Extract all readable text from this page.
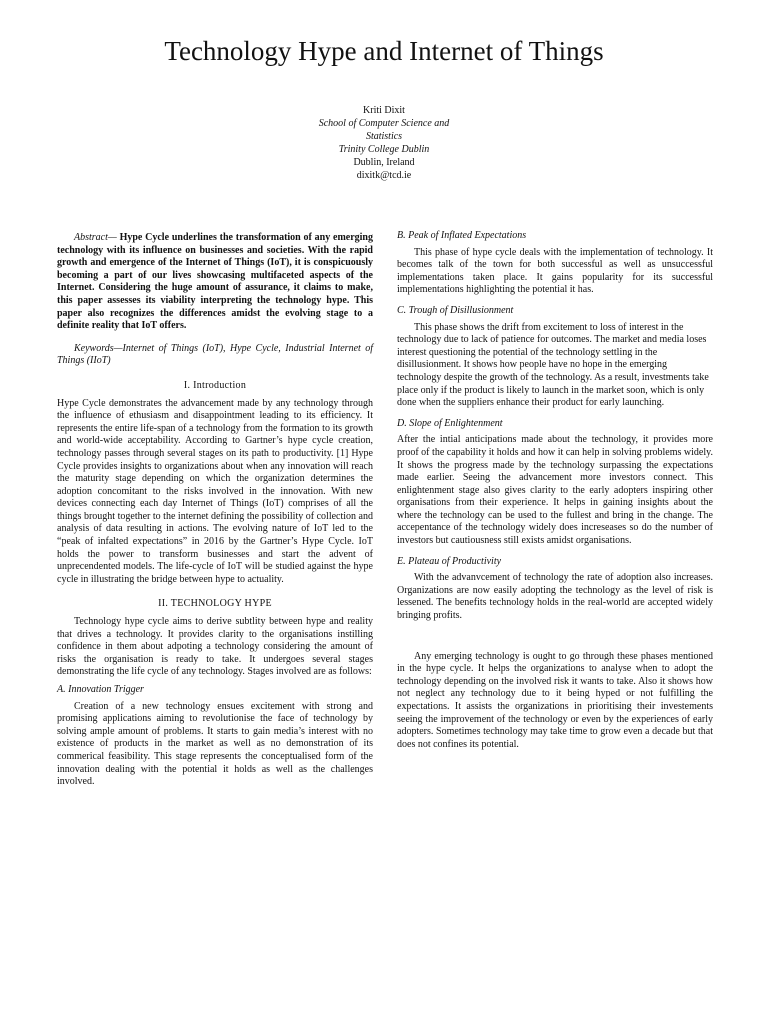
Technology Hype and Internet of Things
Kriti Dixit
School of Computer Science and
Statistics
Trinity College Dublin
Dublin, Ireland
dixitk@tcd.ie

Abstract— Hype Cycle underlines the transformation of any emerging technology with its influence on businesses and societies. With the rapid growth and emergence of the Internet of Things (IoT), it is conspicuously becoming a part of our lives showcasing multifaceted aspects of the Internet. Considering the huge amount of assurance, it claims to make, this paper assesses its viability interpreting the technology hype. This paper also recognizes the differences amidst the evolving stage to a definite reality that IoT offers.

Keywords—Internet of Things (IoT), Hype Cycle, Industrial Internet of Things (IIoT)

I. Introduction

Hype Cycle demonstrates the advancement made by any technology through the influence of ethusiasm and disappointment leading to its efficiency. It represents the entire life-span of a technology from the formation to its growth and world-wide acceptability. According to Gartner’s hype cycle creation, technology passes through several stages on its path to productivity. [1] Hype Cycle provides insights to organizations about when any innovation will reach the maturity stage depending on which the organization determines the adoption concomitant to the risks involved in the innovation. With new devices connecting each day Internet of Things (IoT) comprises of all the things brought together to the internet defining the possibility of collection and analysis of data resulting in actions. The evolving nature of IoT led to the “peak of infalted expectations” in 2016 by the Gartner’s Hype Cycle. IoT holds the power to transform businesses and start the advent of unprecendented models. The life-cycle of IoT will be studied against the hype cycle in illustrating the bridge between hype to actuality.

II. TECHNOLOGY HYPE

Technology hype cycle aims to derive subtlity between hype and reality that drives a technology. It provides clarity to the organisations instilling confidence in them about adpoting a technology considering the amount of risks the organisation is ready to take. It undergoes several stages demonstrating the life cycle of any technology. Stages involved are as follows:

A. Innovation Trigger

Creation of a new technology ensues excitement with strong and promising applications aiming to revolutionise the face of technology by solving ample amount of problems. It starts to gain media’s interest with no existence of products in the market as well as no demonstration of its commerical feasibility. This stage represents the conceptualised form of the innovation dealing with the potential it holds as well as the challenges involved.

B. Peak of Inflated Expectations

This phase of hype cycle deals with the implementation of technology. It becomes talk of the town for both successful as well as unsuccessful implementations taken place. It gains popularity for its successful implementations highlighting the potential it has.

C. Trough of Disillusionment

This phase shows the drift from excitement to loss of interest in the technology due to lack of patience for outcomes. The market and media loses interest questioning the potential of the technology settling in the disillusionment. It shows how people have no hope in the emerging technology despite the growth of the technology. As a result, investments take place only if the product is likely to launch in the market soon, which is only done when the suppliers enhance their product for early launching.

D. Slope of Enlightenment

After the intial anticipations made about the technology, it provides more proof of the capability it holds and how it can help in solving problems widely. It shows the progress made by the technology surpassing the expectations made earlier. Seeing the advancement more investors connect. This enlightenment stage also gives clarity to the early adopters inspiring other organisations from their experience. It helps in gaining insights about the where the technology can be used to the fullest and bring in the change. The accepentance of the technology widely does increseases so do the number of investors but cautiousness still exists amidst organisations.

E. Plateau of Productivity

With the advanvcement of technology the rate of adoption also increases. Organizations are now easily adopting the technology as the level of risk is lessened. The benefits technology holds in the real-world are accepted widely bringing profits.

Any emerging technology is ought to go through these phases mentioned in the hype cycle. It helps the organizations to analyse when to adopt the technology depending on the involved risk it wants to take. Also it shows how not neglect any technology due to it being hyped or not fulfilling the expectations. It assists the organizations in prioritising their investements seeing the improvement of the technology or even by the experiences of early adopters. Sometimes technology may take time to grow even a decade but that does not confines its potential.
